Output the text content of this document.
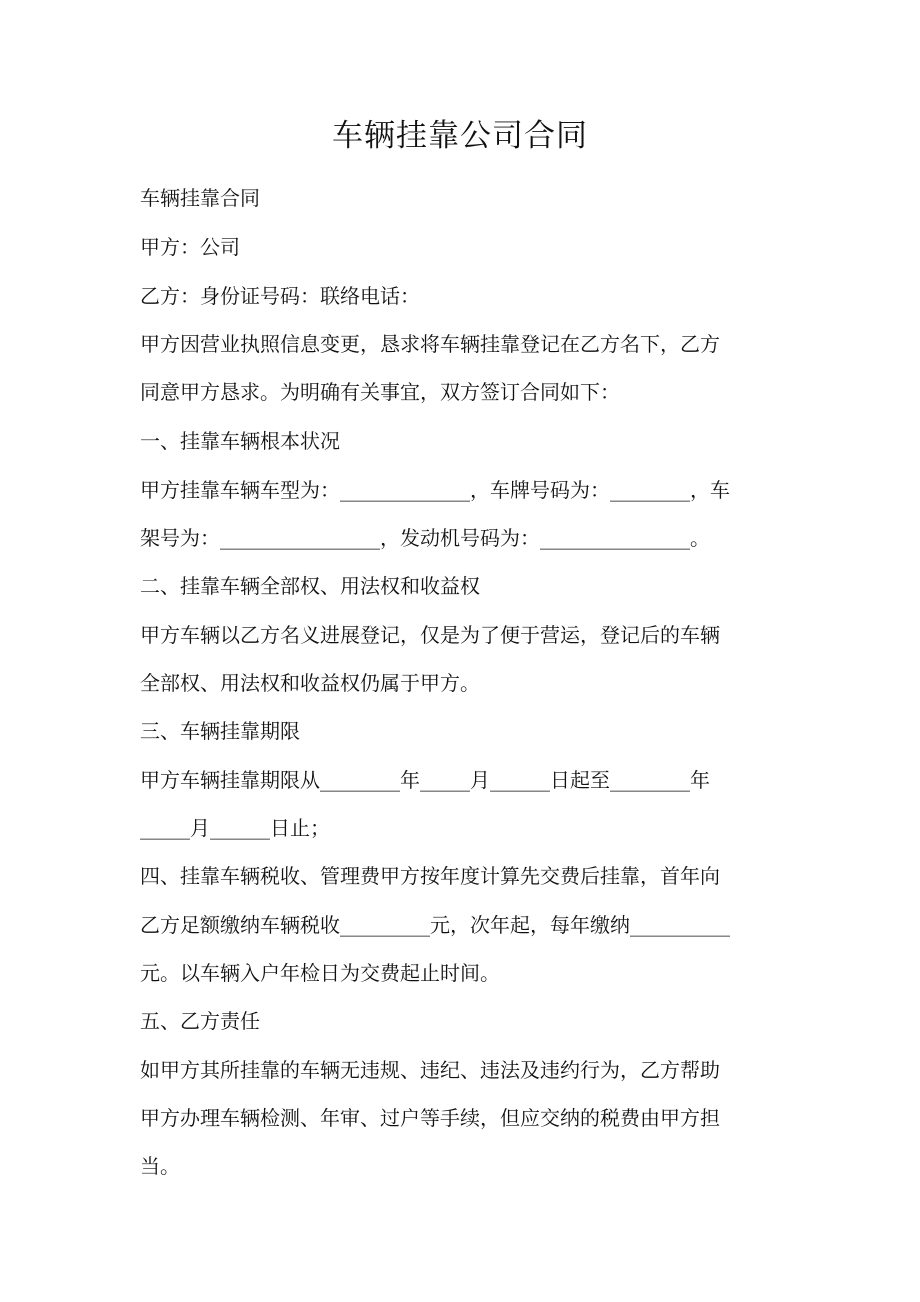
车辆挂靠公司合同

车辆挂靠合同

甲方：公司

乙方：身份证号码：联络电话：

甲方因营业执照信息变更，恳求将车辆挂靠登记在乙方名下，乙方

同意甲方恳求。为明确有关事宜，双方签订合同如下：

一、挂靠车辆根本状况

甲方挂靠车辆车型为：_____________，车牌号码为：________，车

架号为：________________，发动机号码为：_______________。

二、挂靠车辆全部权、用法权和收益权

甲方车辆以乙方名义进展登记，仅是为了便于营运，登记后的车辆

全部权、用法权和收益权仍属于甲方。

三、车辆挂靠期限

甲方车辆挂靠期限从________年_____月______日起至________年

_____月______日止；

四、挂靠车辆税收、管理费甲方按年度计算先交费后挂靠，首年向

乙方足额缴纳车辆税收_________元，次年起，每年缴纳__________

元。以车辆入户年检日为交费起止时间。

五、乙方责任

如甲方其所挂靠的车辆无违规、违纪、违法及违约行为，乙方帮助

甲方办理车辆检测、年审、过户等手续，但应交纳的税费由甲方担

当。
